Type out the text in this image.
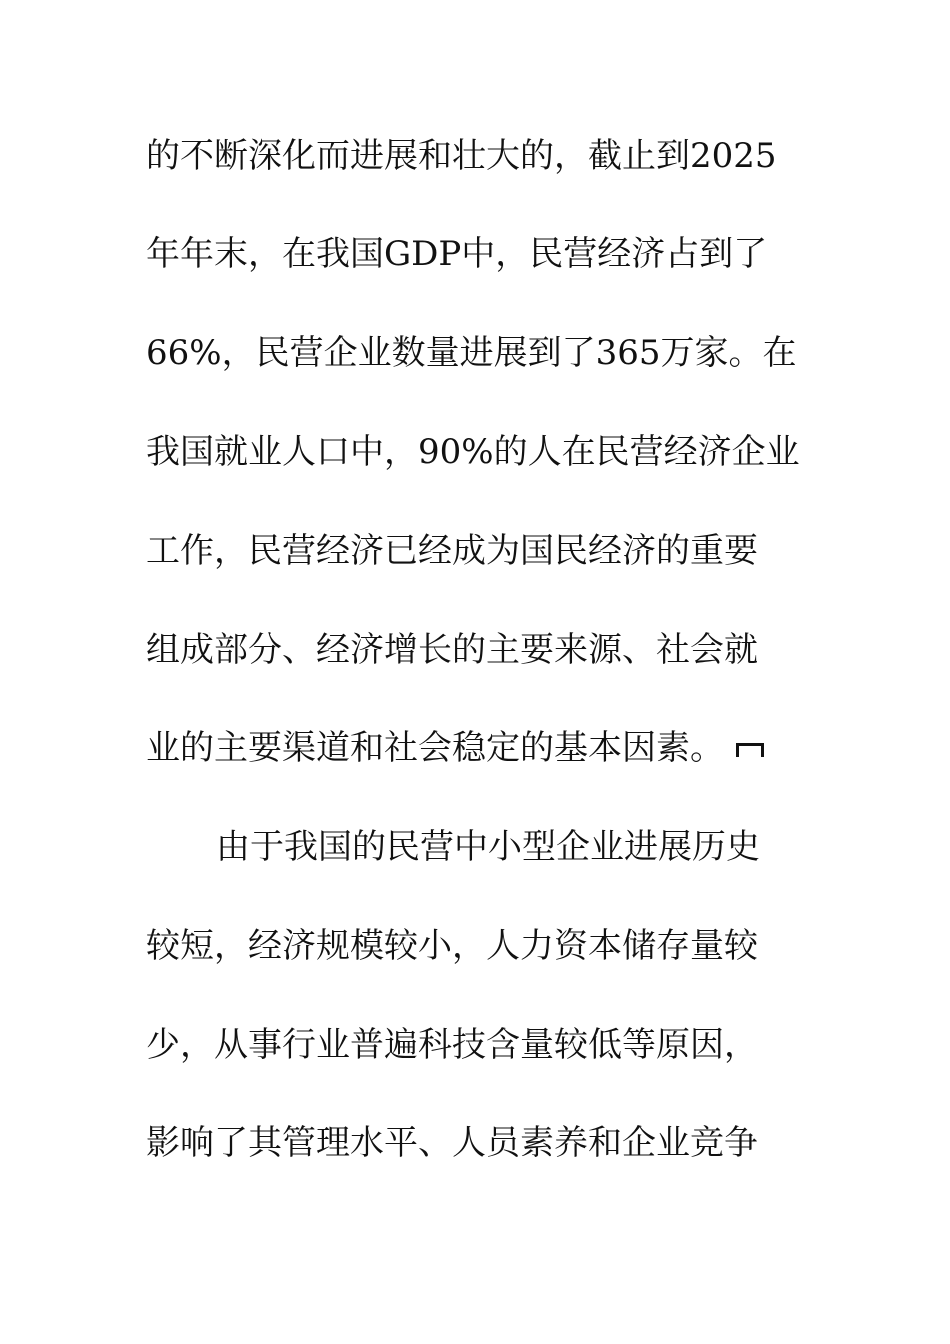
的不断深化而进展和壮大的，截止到2025
年年末，在我国GDP中，民营经济占到了
66%，民营企业数量进展到了365万家。在
我国就业人口中，90%的人在民营经济企业
工作，民营经济已经成为国民经济的重要
组成部分、经济增长的主要来源、社会就
业的主要渠道和社会稳定的基本因素。
由于我国的民营中小型企业进展历史
较短，经济规模较小，人力资本储存量较
少，从事行业普遍科技含量较低等原因，
影响了其管理水平、人员素养和企业竞争
